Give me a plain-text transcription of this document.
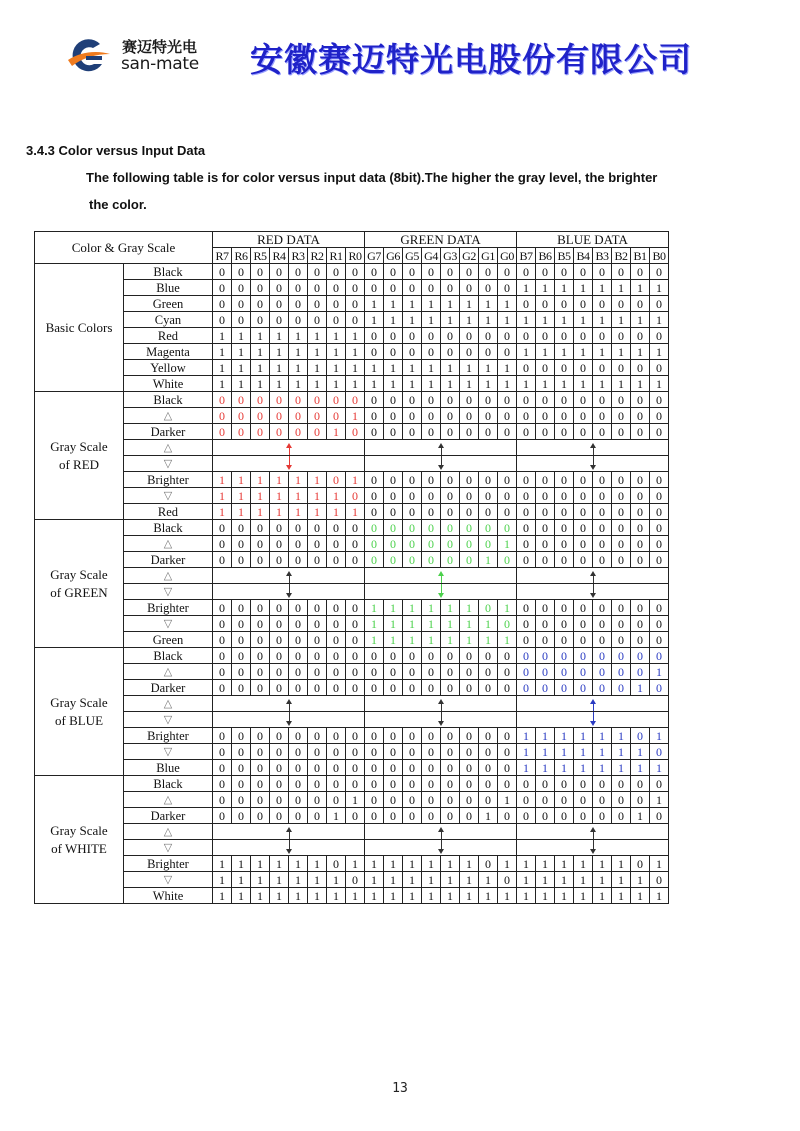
赛迈特光电
san-mate 安徽赛迈特光电股份有限公司
3.4.3 Color versus Input Data
The following table is for color versus input data (8bit).The higher the gray level, the brighter
the color.
Color & Gray Scale		RED DATA								GREEN DATA								BLUE DATA							
		R7	R6	R5	R4	R3	R2	R1	R0	G7	G6	G5	G4	G3	G2	G1	G0	B7	B6	B5	B4	B3	B2	B1	B0

Basic Colors	Black	0	0	0	0	0	0	0	0	0	0	0	0	0	0	0	0	0	0	0	0	0	0	0	0
	Blue	0	0	0	0	0	0	0	0	0	0	0	0	0	0	0	0	1	1	1	1	1	1	1	1
	Green	0	0	0	0	0	0	0	0	1	1	1	1	1	1	1	1	0	0	0	0	0	0	0	0
	Cyan	0	0	0	0	0	0	0	0	1	1	1	1	1	1	1	1	1	1	1	1	1	1	1	1
	Red	1	1	1	1	1	1	1	1	0	0	0	0	0	0	0	0	0	0	0	0	0	0	0	0
	Magenta	1	1	1	1	1	1	1	1	0	0	0	0	0	0	0	0	1	1	1	1	1	1	1	1
	Yellow	1	1	1	1	1	1	1	1	1	1	1	1	1	1	1	1	0	0	0	0	0	0	0	0
	White	1	1	1	1	1	1	1	1	1	1	1	1	1	1	1	1	1	1	1	1	1	1	1	1

Gray Scale
of RED	Black	0	0	0	0	0	0	0	0	0	0	0	0	0	0	0	0	0	0	0	0	0	0	0	0
	△	0	0	0	0	0	0	0	1	0	0	0	0	0	0	0	0	0	0	0	0	0	0	0	0
	Darker	0	0	0	0	0	0	1	0	0	0	0	0	0	0	0	0	0	0	0	0	0	0	0	0
	△																						

	▽																						

	Brighter	1	1	1	1	1	1	0	1	0	0	0	0	0	0	0	0	0	0	0	0	0	0	0	0
	▽	1	1	1	1	1	1	1	0	0	0	0	0	0	0	0	0	0	0	0	0	0	0	0	0
	Red	1	1	1	1	1	1	1	1	0	0	0	0	0	0	0	0	0	0	0	0	0	0	0	0

Gray Scale
of GREEN	Black	0	0	0	0	0	0	0	0	0	0	0	0	0	0	0	0	0	0	0	0	0	0	0	0
	△	0	0	0	0	0	0	0	0	0	0	0	0	0	0	0	1	0	0	0	0	0	0	0	0
	Darker	0	0	0	0	0	0	0	0	0	0	0	0	0	0	1	0	0	0	0	0	0	0	0	0
	△																						

	▽																						

	Brighter	0	0	0	0	0	0	0	0	1	1	1	1	1	1	0	1	0	0	0	0	0	0	0	0
	▽	0	0	0	0	0	0	0	0	1	1	1	1	1	1	1	0	0	0	0	0	0	0	0	0
	Green	0	0	0	0	0	0	0	0	1	1	1	1	1	1	1	1	0	0	0	0	0	0	0	0

Gray Scale
of BLUE	Black	0	0	0	0	0	0	0	0	0	0	0	0	0	0	0	0	0	0	0	0	0	0	0	0
	△	0	0	0	0	0	0	0	0	0	0	0	0	0	0	0	0	0	0	0	0	0	0	0	1
	Darker	0	0	0	0	0	0	0	0	0	0	0	0	0	0	0	0	0	0	0	0	0	0	1	0
	△																						

	▽																						

	Brighter	0	0	0	0	0	0	0	0	0	0	0	0	0	0	0	0	1	1	1	1	1	1	0	1
	▽	0	0	0	0	0	0	0	0	0	0	0	0	0	0	0	0	1	1	1	1	1	1	1	0
	Blue	0	0	0	0	0	0	0	0	0	0	0	0	0	0	0	0	1	1	1	1	1	1	1	1

Gray Scale
of WHITE	Black	0	0	0	0	0	0	0	0	0	0	0	0	0	0	0	0	0	0	0	0	0	0	0	0
	△	0	0	0	0	0	0	0	1	0	0	0	0	0	0	0	1	0	0	0	0	0	0	0	1
	Darker	0	0	0	0	0	0	1	0	0	0	0	0	0	0	1	0	0	0	0	0	0	0	1	0
	△																						

	▽																						

	Brighter	1	1	1	1	1	1	0	1	1	1	1	1	1	1	0	1	1	1	1	1	1	1	0	1
	▽	1	1	1	1	1	1	1	0	1	1	1	1	1	1	1	0	1	1	1	1	1	1	1	0
	White	1	1	1	1	1	1	1	1	1	1	1	1	1	1	1	1	1	1	1	1	1	1	1	1
13
